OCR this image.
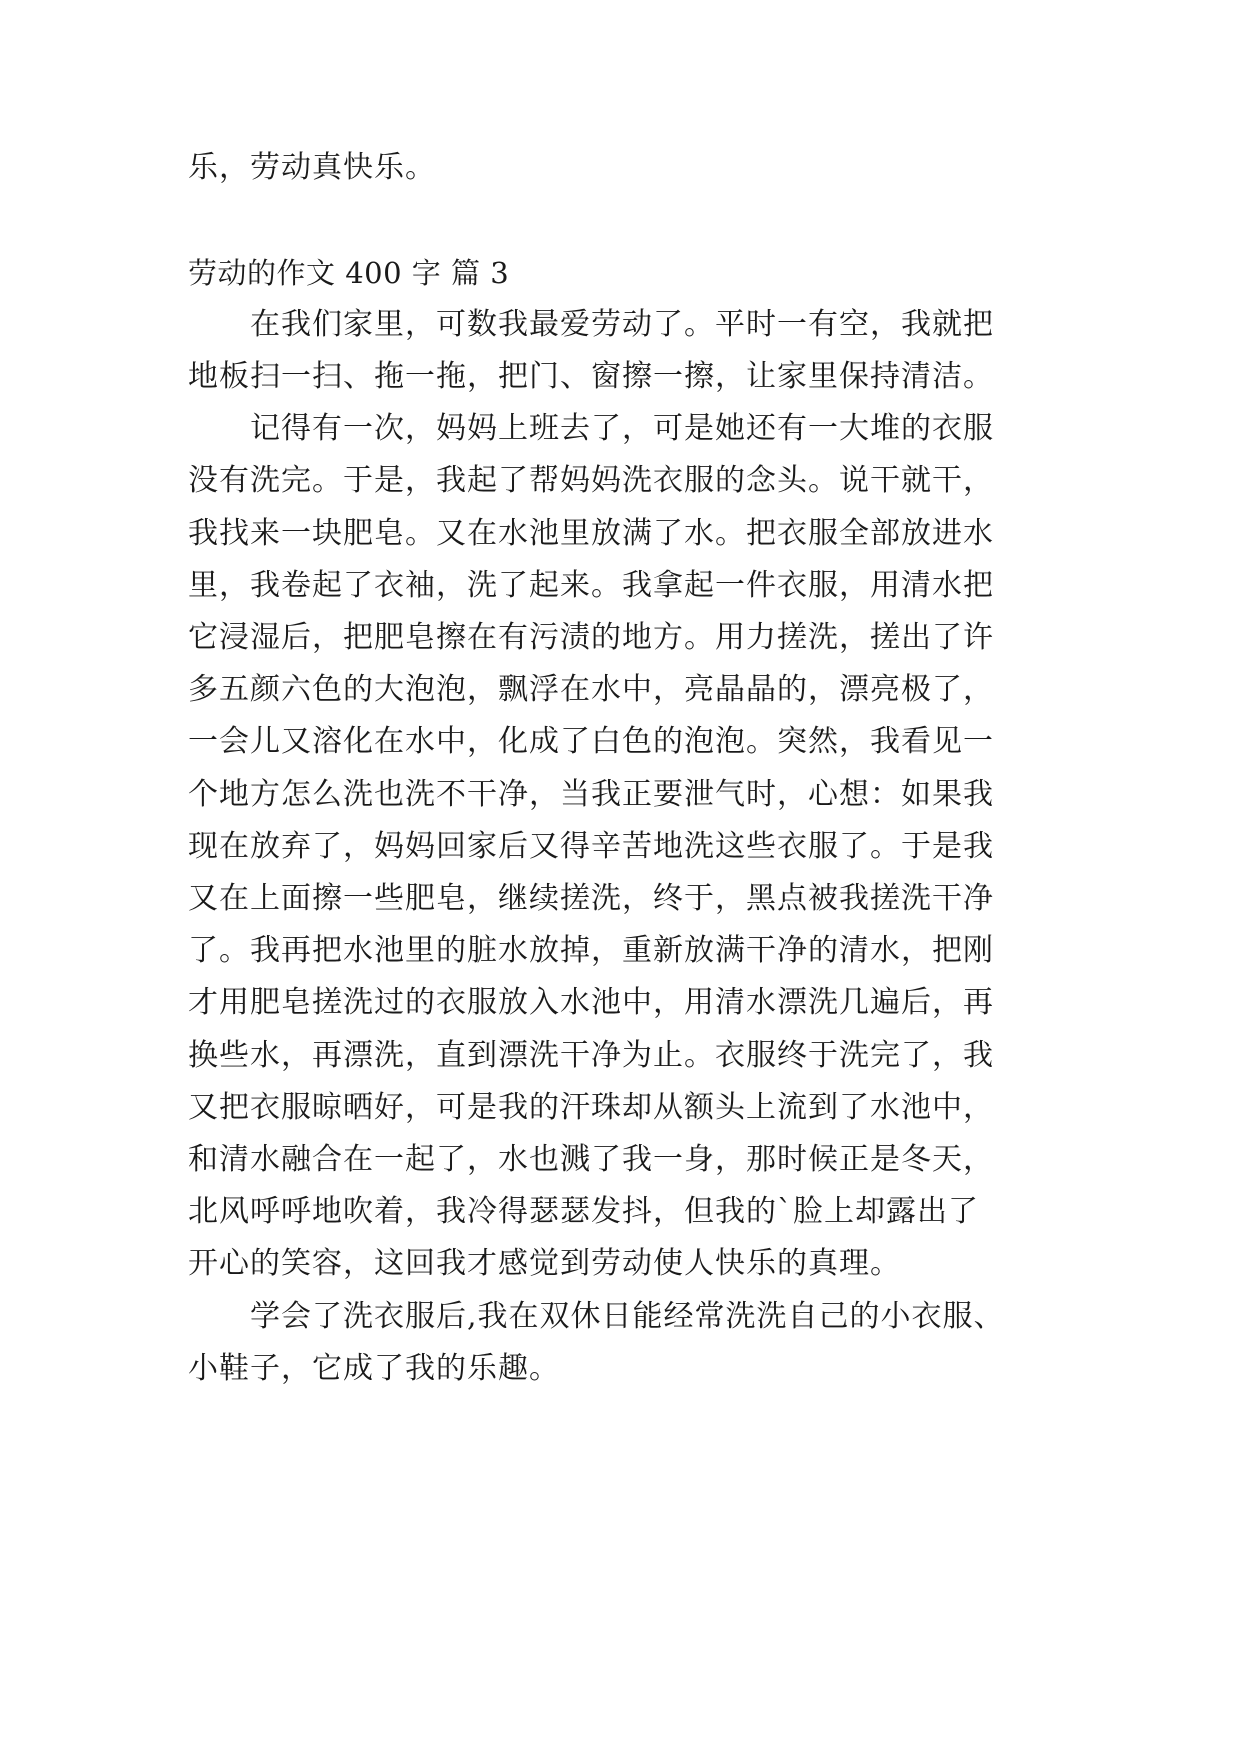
乐，劳动真快乐。
劳动的作文 400 字 篇 3
在我们家里，可数我最爱劳动了。平时一有空，我就把
地板扫一扫、拖一拖，把门、窗擦一擦，让家里保持清洁。
记得有一次，妈妈上班去了，可是她还有一大堆的衣服
没有洗完。于是，我起了帮妈妈洗衣服的念头。说干就干，
我找来一块肥皂。又在水池里放满了水。把衣服全部放进水
里，我卷起了衣袖，洗了起来。我拿起一件衣服，用清水把
它浸湿后，把肥皂擦在有污渍的地方。用力搓洗，搓出了许
多五颜六色的大泡泡，飘浮在水中，亮晶晶的，漂亮极了，
一会儿又溶化在水中，化成了白色的泡泡。突然，我看见一
个地方怎么洗也洗不干净，当我正要泄气时，心想：如果我
现在放弃了，妈妈回家后又得辛苦地洗这些衣服了。于是我
又在上面擦一些肥皂，继续搓洗，终于，黑点被我搓洗干净
了。我再把水池里的脏水放掉，重新放满干净的清水，把刚
才用肥皂搓洗过的衣服放入水池中，用清水漂洗几遍后，再
换些水，再漂洗，直到漂洗干净为止。衣服终于洗完了，我
又把衣服晾晒好，可是我的汗珠却从额头上流到了水池中，
和清水融合在一起了，水也溅了我一身，那时候正是冬天，
北风呼呼地吹着，我冷得瑟瑟发抖，但我的`脸上却露出了
开心的笑容，这回我才感觉到劳动使人快乐的真理。
学会了洗衣服后,我在双休日能经常洗洗自己的小衣服、
小鞋子，它成了我的乐趣。
